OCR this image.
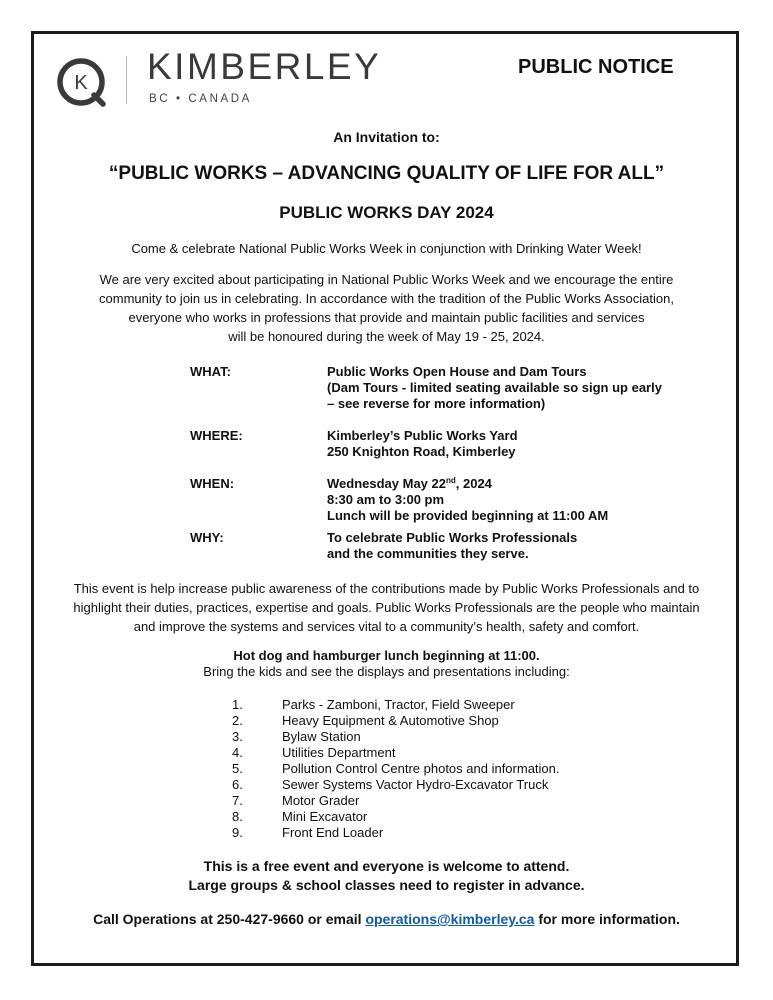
K KIMBERLEY
BC • CANADA
PUBLIC NOTICE
An Invitation to:
“PUBLIC WORKS – ADVANCING QUALITY OF LIFE FOR ALL”
PUBLIC WORKS DAY 2024
Come & celebrate National Public Works Week in conjunction with Drinking Water Week!
We are very excited about participating in National Public Works Week and we encourage the entire
community to join us in celebrating. In accordance with the tradition of the Public Works Association,
everyone who works in professions that provide and maintain public facilities and services
will be honoured during the week of May 19 - 25, 2024.
WHAT:	Public Works Open House and Dam Tours
(Dam Tours - limited seating available so sign up early
– see reverse for more information)
WHERE:	Kimberley’s Public Works Yard
250 Knighton Road, Kimberley
WHEN:	Wednesday May 22nd, 2024
8:30 am to 3:00 pm
Lunch will be provided beginning at 11:00 AM
WHY:	To celebrate Public Works Professionals
and the communities they serve.
This event is help increase public awareness of the contributions made by Public Works Professionals and to
highlight their duties, practices, expertise and goals. Public Works Professionals are the people who maintain
and improve the systems and services vital to a community’s health, safety and comfort.
Hot dog and hamburger lunch beginning at 11:00.
Bring the kids and see the displays and presentations including:
1.	Parks - Zamboni, Tractor, Field Sweeper
2.	Heavy Equipment & Automotive Shop
3.	Bylaw Station
4.	Utilities Department
5.	Pollution Control Centre photos and information.
6.	Sewer Systems Vactor Hydro-Excavator Truck
7.	Motor Grader
8.	Mini Excavator
9.	Front End Loader
This is a free event and everyone is welcome to attend.
Large groups & school classes need to register in advance.
Call Operations at 250-427-9660 or email operations@kimberley.ca for more information.
